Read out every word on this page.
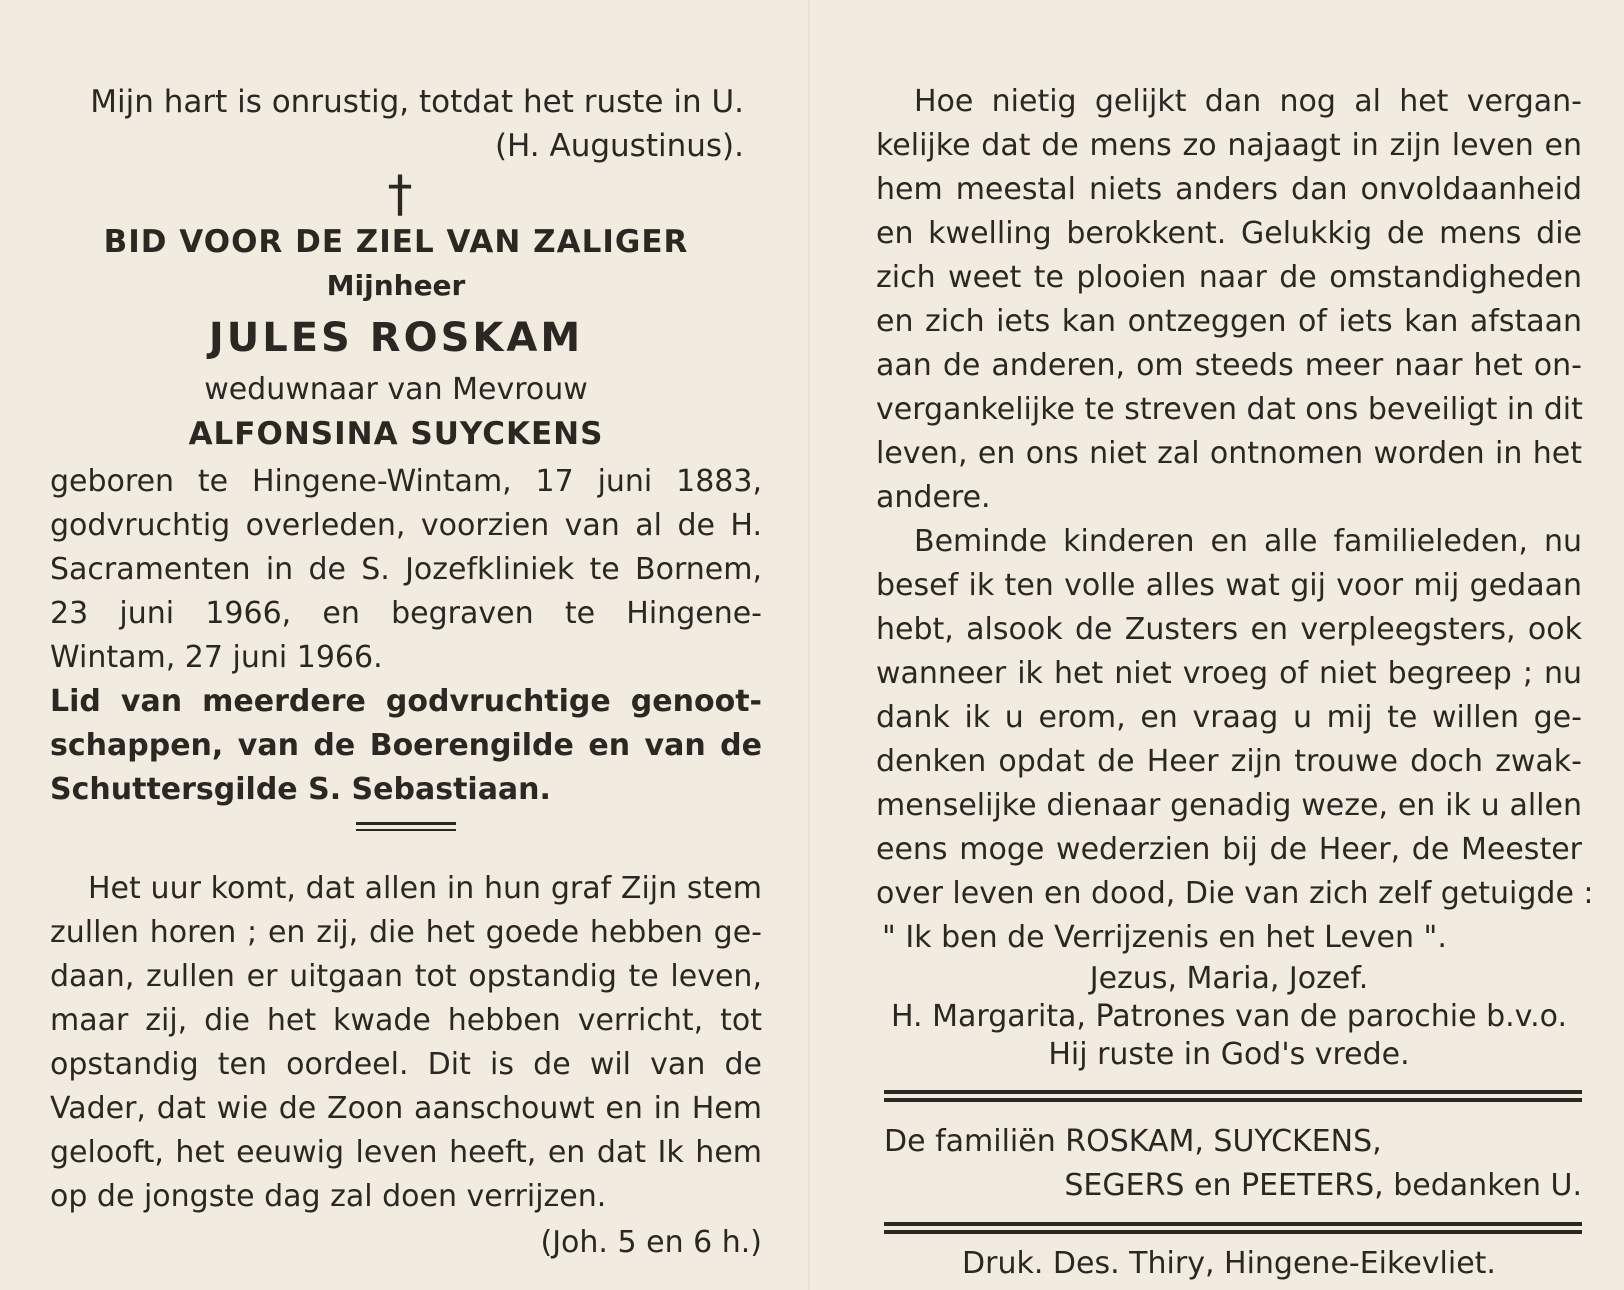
Mijn hart is onrustig, totdat het ruste in U.

(H. Augustinus).

†

BID VOOR DE ZIEL VAN ZALIGER

Mijnheer

JULES ROSKAM

weduwnaar van Mevrouw

ALFONSINA SUYCKENS

geboren te Hingene-Wintam, 17 juni 1883,

godvruchtig overleden, voorzien van al de H.

Sacramenten in de S. Jozefkliniek te Bornem,

23 juni 1966, en begraven te Hingene-

Wintam, 27 juni 1966.

Lid van meerdere godvruchtige genoot-

schappen, van de Boerengilde en van de

Schuttersgilde S. Sebastiaan.

Het uur komt, dat allen in hun graf Zijn stem

zullen horen ; en zij, die het goede hebben ge-

daan, zullen er uitgaan tot opstandig te leven,

maar zij, die het kwade hebben verricht, tot

opstandig ten oordeel. Dit is de wil van de

Vader, dat wie de Zoon aanschouwt en in Hem

gelooft, het eeuwig leven heeft, en dat Ik hem

op de jongste dag zal doen verrijzen.

(Joh. 5 en 6 h.)

Hoe nietig gelijkt dan nog al het vergan-

kelijke dat de mens zo najaagt in zijn leven en

hem meestal niets anders dan onvoldaanheid

en kwelling berokkent. Gelukkig de mens die

zich weet te plooien naar de omstandigheden

en zich iets kan ontzeggen of iets kan afstaan

aan de anderen, om steeds meer naar het on-

vergankelijke te streven dat ons beveiligt in dit

leven, en ons niet zal ontnomen worden in het

andere.

Beminde kinderen en alle familieleden, nu

besef ik ten volle alles wat gij voor mij gedaan

hebt, alsook de Zusters en verpleegsters, ook

wanneer ik het niet vroeg of niet begreep ; nu

dank ik u erom, en vraag u mij te willen ge-

denken opdat de Heer zijn trouwe doch zwak-

menselijke dienaar genadig weze, en ik u allen

eens moge wederzien bij de Heer, de Meester

over leven en dood, Die van zich zelf getuigde :

" Ik ben de Verrijzenis en het Leven ".

Jezus, Maria, Jozef.

H. Margarita, Patrones van de parochie b.v.o.

Hij ruste in God's vrede.

De familiën ROSKAM, SUYCKENS,

SEGERS en PEETERS, bedanken U.

Druk. Des. Thiry, Hingene-Eikevliet.
